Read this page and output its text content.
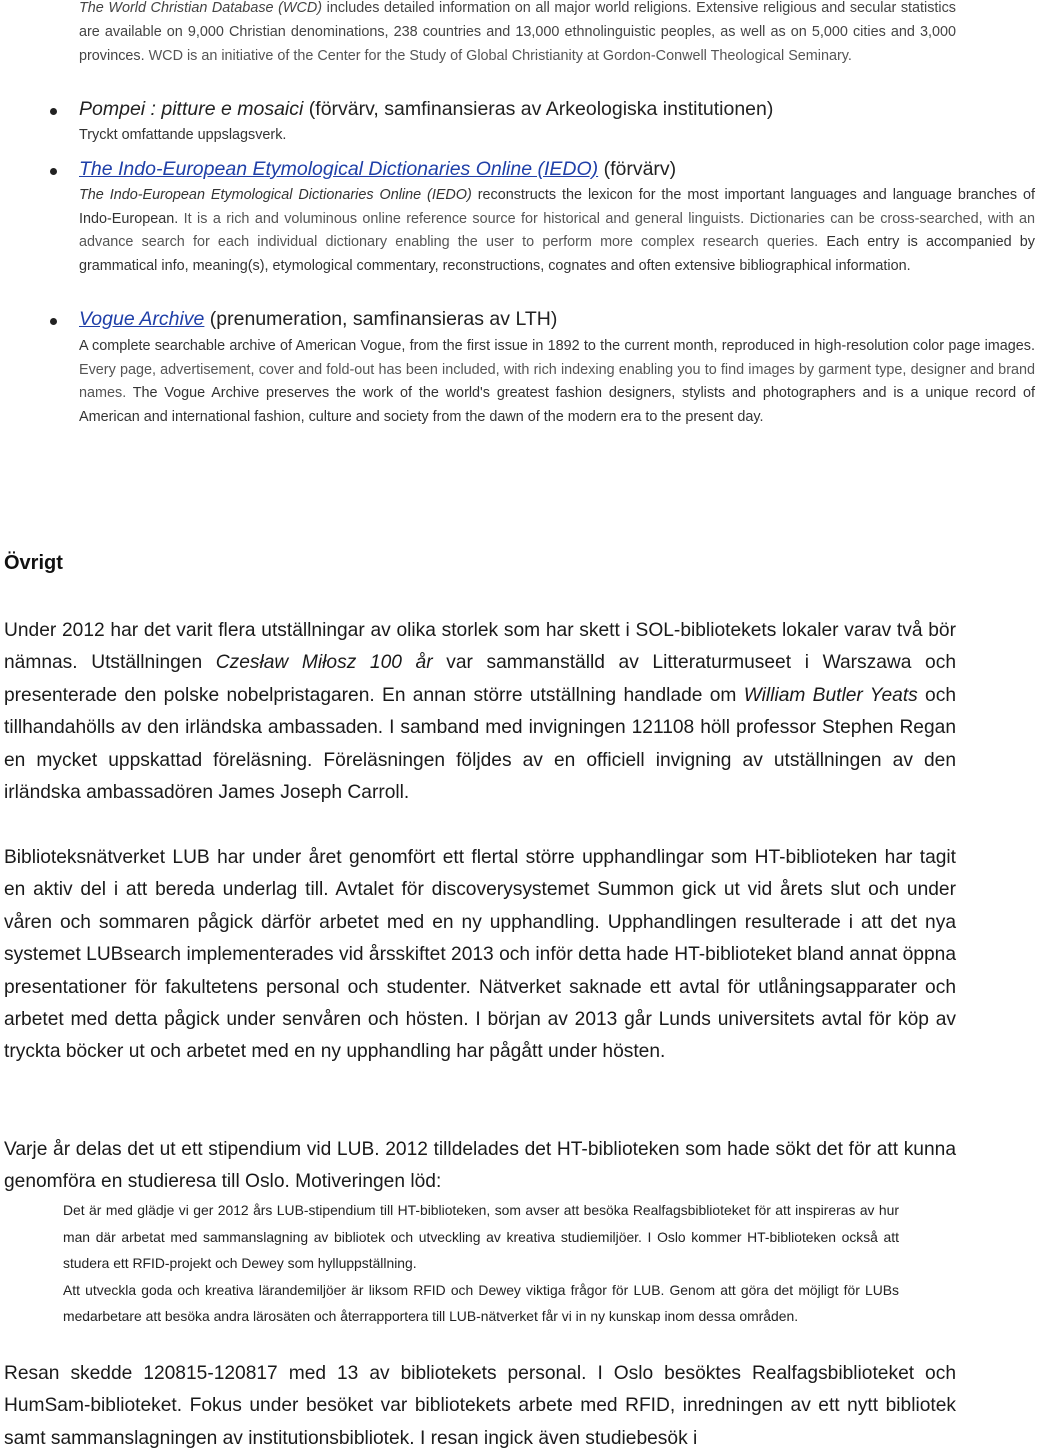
The World Christian Database (WCD) includes detailed information on all major world religions. Extensive religious and secular statistics are available on 9,000 Christian denominations, 238 countries and 13,000 ethnolinguistic peoples, as well as on 5,000 cities and 3,000 provinces. WCD is an initiative of the Center for the Study of Global Christianity at Gordon-Conwell Theological Seminary.
Pompei : pitture e mosaici (förvärv, samfinansieras av Arkeologiska institutionen)
Tryckt omfattande uppslagsverk.
The Indo-European Etymological Dictionaries Online (IEDO) (förvärv)
The Indo-European Etymological Dictionaries Online (IEDO) reconstructs the lexicon for the most important languages and language branches of Indo-European. It is a rich and voluminous online reference source for historical and general linguists. Dictionaries can be cross-searched, with an advance search for each individual dictionary enabling the user to perform more complex research queries. Each entry is accompanied by grammatical info, meaning(s), etymological commentary, reconstructions, cognates and often extensive bibliographical information.
Vogue Archive (prenumeration, samfinansieras av LTH)
A complete searchable archive of American Vogue, from the first issue in 1892 to the current month, reproduced in high-resolution color page images. Every page, advertisement, cover and fold-out has been included, with rich indexing enabling you to find images by garment type, designer and brand names. The Vogue Archive preserves the work of the world's greatest fashion designers, stylists and photographers and is a unique record of American and international fashion, culture and society from the dawn of the modern era to the present day.
Övrigt

Under 2012 har det varit flera utställningar av olika storlek som har skett i SOL-bibliotekets lokaler varav två bör nämnas. Utställningen Czesław Miłosz 100 år var sammanställd av Litteraturmuseet i Warszawa och presenterade den polske nobelpristagaren. En annan större utställning handlade om William Butler Yeats och tillhandahölls av den irländska ambassaden. I samband med invigningen 121108 höll professor Stephen Regan en mycket uppskattad föreläsning. Föreläsningen följdes av en officiell invigning av utställningen av den irländska ambassadören James Joseph Carroll.

Biblioteksnätverket LUB har under året genomfört ett flertal större upphandlingar som HT-biblioteken har tagit en aktiv del i att bereda underlag till. Avtalet för discoverysystemet Summon gick ut vid årets slut och under våren och sommaren pågick därför arbetet med en ny upphandling. Upphandlingen resulterade i att det nya systemet LUBsearch implementerades vid årsskiftet 2013 och inför detta hade HT-biblioteket bland annat öppna presentationer för fakultetens personal och studenter. Nätverket saknade ett avtal för utlåningsapparater och arbetet med detta pågick under senvåren och hösten. I början av 2013 går Lunds universitets avtal för köp av tryckta böcker ut och arbetet med en ny upphandling har pågått under hösten.

Varje år delas det ut ett stipendium vid LUB. 2012 tilldelades det HT-biblioteken som hade sökt det för att kunna genomföra en studieresa till Oslo. Motiveringen löd:

Det är med glädje vi ger 2012 års LUB-stipendium till HT-biblioteken, som avser att besöka Realfagsbiblioteket för att inspireras av hur man där arbetat med sammanslagning av bibliotek och utveckling av kreativa studiemiljöer. I Oslo kommer HT-biblioteken också att studera ett RFID-projekt och Dewey som hylluppställning.

Att utveckla goda och kreativa lärandemiljöer är liksom RFID och Dewey viktiga frågor för LUB. Genom att göra det möjligt för LUBs medarbetare att besöka andra lärosäten och återrapportera till LUB-nätverket får vi in ny kunskap inom dessa områden.

Resan skedde 120815-120817 med 13 av bibliotekets personal. I Oslo besöktes Realfagsbiblioteket och HumSam-biblioteket. Fokus under besöket var bibliotekets arbete med RFID, inredningen av ett nytt bibliotek samt sammanslagningen av institutionsbibliotek. I resan ingick även studiebesök i
